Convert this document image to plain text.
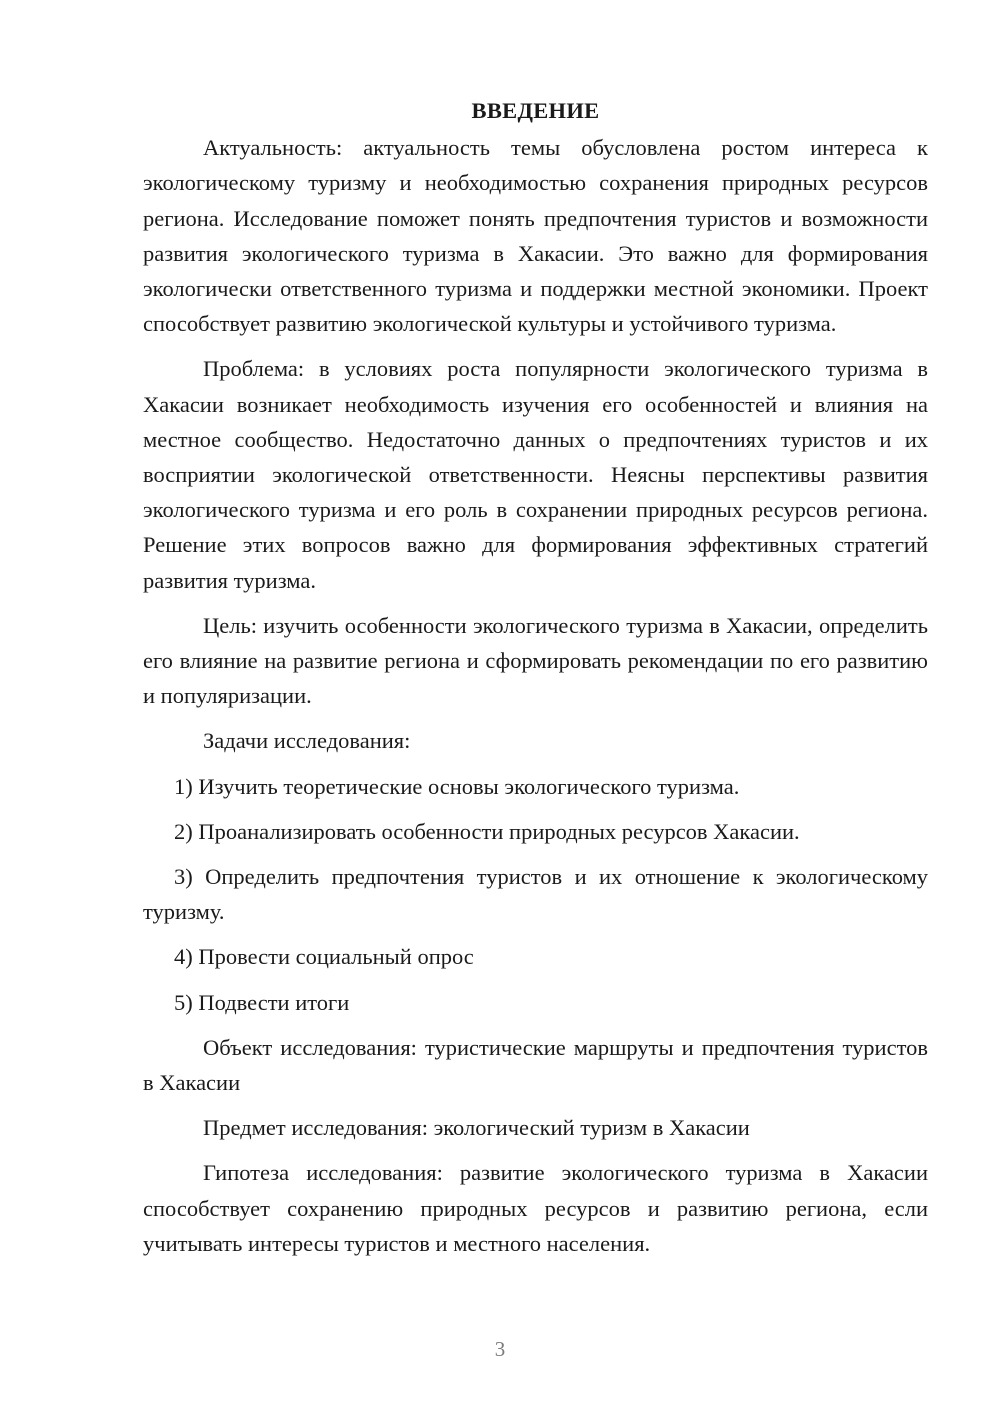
ВВЕДЕНИЕ

Актуальность: актуальность темы обусловлена ростом интереса к экологическому туризму и необходимостью сохранения природных ресурсов региона. Исследование поможет понять предпочтения туристов и возможности развития экологического туризма в Хакасии. Это важно для формирования экологически ответственного туризма и поддержки местной экономики. Проект способствует развитию экологической культуры и устойчивого туризма.

Проблема: в условиях роста популярности экологического туризма в Хакасии возникает необходимость изучения его особенностей и влияния на местное сообщество. Недостаточно данных о предпочтениях туристов и их восприятии экологической ответственности. Неясны перспективы развития экологического туризма и его роль в сохранении природных ресурсов региона. Решение этих вопросов важно для формирования эффективных стратегий развития туризма.

Цель: изучить особенности экологического туризма в Хакасии, определить его влияние на развитие региона и сформировать рекомендации по его развитию и популяризации.

Задачи исследования:

1) Изучить теоретические основы экологического туризма.

2) Проанализировать особенности природных ресурсов Хакасии.

3) Определить предпочтения туристов и их отношение к экологическому туризму.

4) Провести социальный опрос

5) Подвести итоги

Объект исследования: туристические маршруты и предпочтения туристов в Хакасии

Предмет исследования: экологический туризм в Хакасии

Гипотеза исследования: развитие экологического туризма в Хакасии способствует сохранению природных ресурсов и развитию региона, если учитывать интересы туристов и местного населения.

3
